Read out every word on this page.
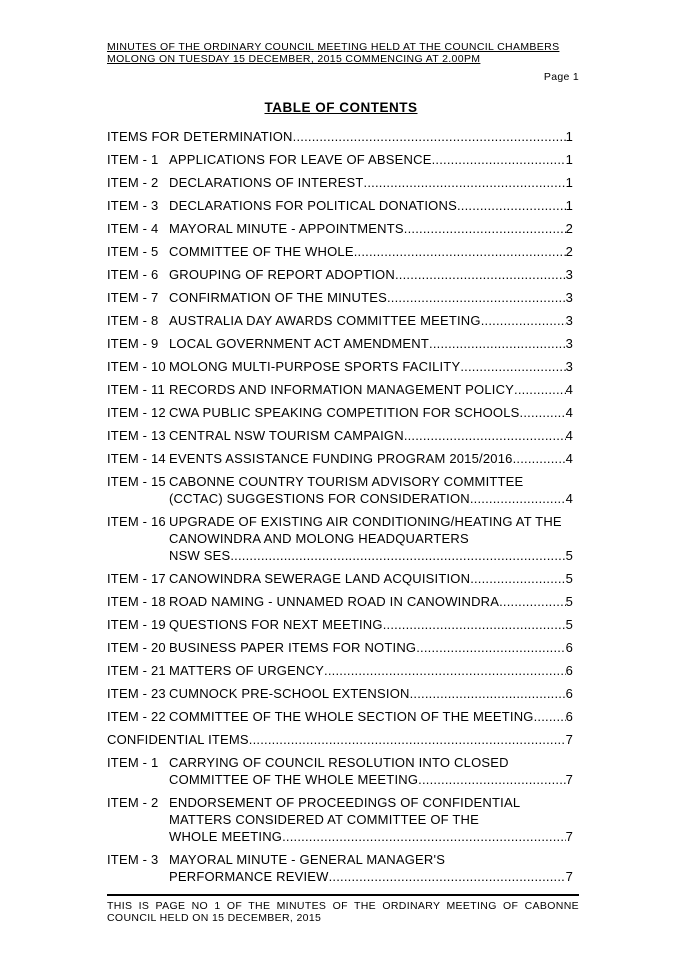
MINUTES OF THE ORDINARY COUNCIL MEETING HELD AT THE COUNCIL CHAMBERS
MOLONG ON TUESDAY 15 DECEMBER, 2015 COMMENCING AT 2.00PM
Page 1
TABLE OF CONTENTS
ITEMS FOR DETERMINATION .....	1
ITEM - 1 APPLICATIONS FOR LEAVE OF ABSENCE .....	1
ITEM - 2 DECLARATIONS OF INTEREST .....	1
ITEM - 3 DECLARATIONS FOR POLITICAL DONATIONS .....	1
ITEM - 4 MAYORAL MINUTE - APPOINTMENTS .....	2
ITEM - 5 COMMITTEE OF THE WHOLE .....	2
ITEM - 6 GROUPING OF REPORT ADOPTION .....	3
ITEM - 7 CONFIRMATION OF THE MINUTES .....	3
ITEM - 8 AUSTRALIA DAY AWARDS COMMITTEE MEETING .....	3
ITEM - 9 LOCAL GOVERNMENT ACT AMENDMENT .....	3
ITEM - 10 MOLONG MULTI-PURPOSE SPORTS FACILITY .....	3
ITEM - 11 RECORDS AND INFORMATION MANAGEMENT POLICY .....	4
ITEM - 12 CWA PUBLIC SPEAKING COMPETITION FOR SCHOOLS .....	4
ITEM - 13 CENTRAL NSW TOURISM CAMPAIGN .....	4
ITEM - 14 EVENTS ASSISTANCE FUNDING PROGRAM 2015/2016 .....	4
ITEM - 15 CABONNE COUNTRY TOURISM ADVISORY COMMITTEE
(CCTAC) SUGGESTIONS FOR CONSIDERATION .....	4
ITEM - 16 UPGRADE OF EXISTING AIR CONDITIONING/HEATING AT THE CANOWINDRA AND MOLONG HEADQUARTERS
NSW SES .....	5
ITEM - 17 CANOWINDRA SEWERAGE LAND ACQUISITION .....	5
ITEM - 18 ROAD NAMING - UNNAMED ROAD IN CANOWINDRA .....	5
ITEM - 19 QUESTIONS FOR NEXT MEETING .....	5
ITEM - 20 BUSINESS PAPER ITEMS FOR NOTING .....	6
ITEM - 21 MATTERS OF URGENCY .....	6
ITEM - 23 CUMNOCK PRE-SCHOOL EXTENSION .....	6
ITEM - 22 COMMITTEE OF THE WHOLE SECTION OF THE MEETING ..... 6
CONFIDENTIAL ITEMS .....	7
ITEM - 1 CARRYING OF COUNCIL RESOLUTION INTO CLOSED
COMMITTEE OF THE WHOLE MEETING .....	7
ITEM - 2 ENDORSEMENT OF PROCEEDINGS OF CONFIDENTIAL MATTERS CONSIDERED AT COMMITTEE OF THE
WHOLE MEETING .....	7
ITEM - 3 MAYORAL MINUTE - GENERAL MANAGER'S
PERFORMANCE REVIEW .....	7
THIS IS PAGE NO 1 OF THE MINUTES OF THE ORDINARY MEETING OF CABONNE COUNCIL HELD ON 15 DECEMBER, 2015
